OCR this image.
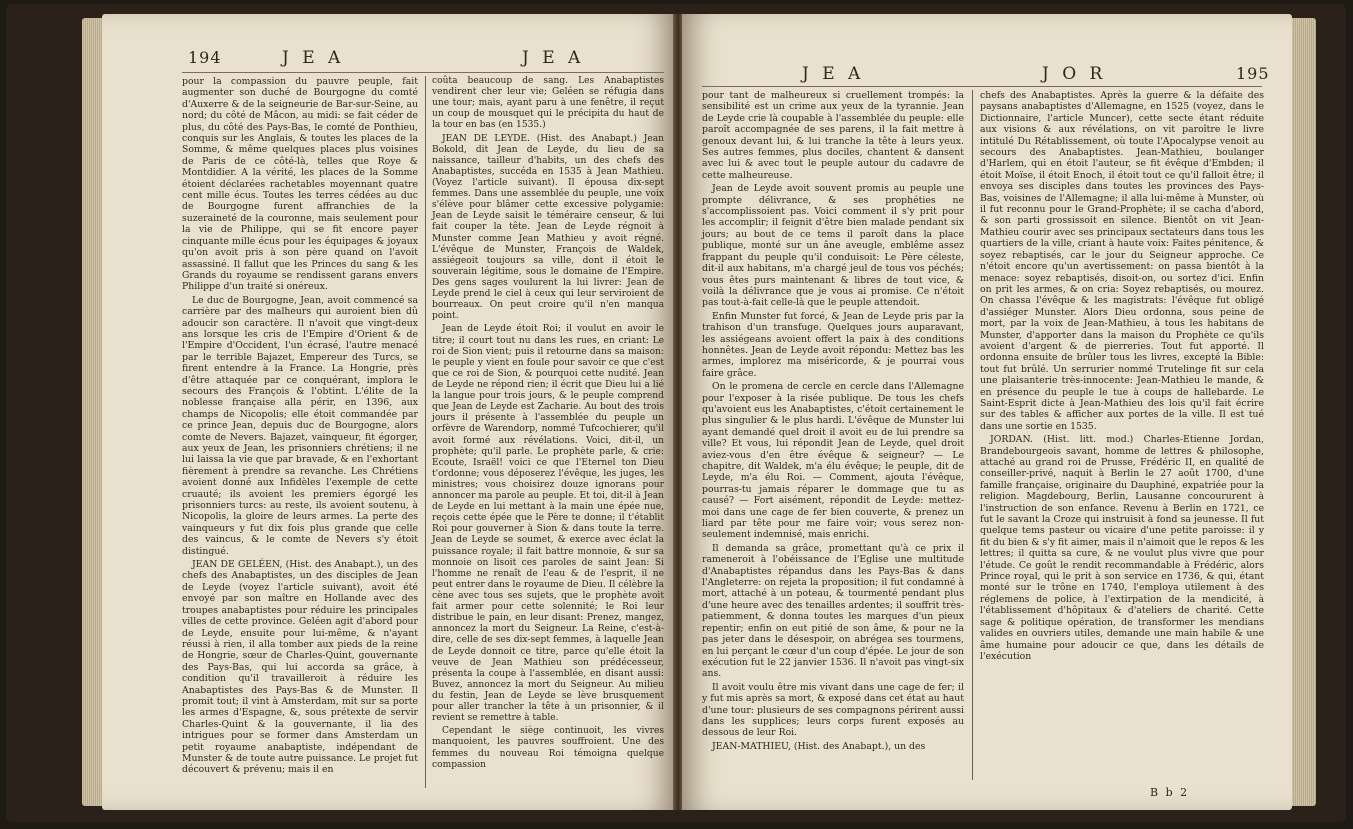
194	J E A	J E A

pour la compassion du pauvre peuple, fait augmenter son duché de Bourgogne du comté d'Auxerre & de la seigneurie de Bar-sur-Seine, au nord; du côté de Mâcon, au midi: se fait céder de plus, du côté des Pays-Bas, le comté de Ponthieu, conquis sur les Anglais, & toutes les places de la Somme, & même quelques places plus voisines de Paris de ce côté-là, telles que Roye & Montdidier. A la vérité, les places de la Somme étoient déclarées rachetables moyennant quatre cent mille écus. Toutes les terres cédées au duc de Bourgogne furent affranchies de la suzeraineté de la couronne, mais seulement pour la vie de Philippe, qui se fit encore payer cinquante mille écus pour les équipages & joyaux qu'on avoit pris à son père quand on l'avoit assassiné. Il fallut que les Princes du sang & les Grands du royaume se rendissent garans envers Philippe d'un traité si onéreux.

Le duc de Bourgogne, Jean, avoit commencé sa carrière par des malheurs qui auroient bien dû adoucir son caractère. Il n'avoit que vingt-deux ans lorsque les cris de l'Empire d'Orient & de l'Empire d'Occident, l'un écrasé, l'autre menacé par le terrible Bajazet, Empereur des Turcs, se firent entendre à la France. La Hongrie, près d'être attaquée par ce conquérant, implora le secours des François & l'obtint. L'élite de la noblesse française alla périr, en 1396, aux champs de Nicopolis; elle étoit commandée par ce prince Jean, depuis duc de Bourgogne, alors comte de Nevers. Bajazet, vainqueur, fit égorger, aux yeux de Jean, les prisonniers chrétiens; il ne lui laissa la vie que par bravade, & en l'exhortant fièrement à prendre sa revanche. Les Chrétiens avoient donné aux Infidèles l'exemple de cette cruauté; ils avoient les premiers égorgé les prisonniers turcs: au reste, ils avoient soutenu, à Nicopolis, la gloire de leurs armes. La perte des vainqueurs y fut dix fois plus grande que celle des vaincus, & le comte de Nevers s'y étoit distingué.

JEAN DE GELÉEN, (Hist. des Anabapt.), un des chefs des Anabaptistes, un des disciples de Jean de Leyde (voyez l'article suivant), avoit été envoyé par son maître en Hollande avec des troupes anabaptistes pour réduire les principales villes de cette province. Geléen agit d'abord pour de Leyde, ensuite pour lui-même, & n'ayant réussi à rien, il alla tomber aux pieds de la reine de Hongrie, sœur de Charles-Quint, gouvernante des Pays-Bas, qui lui accorda sa grâce, à condition qu'il travailleroit à réduire les Anabaptistes des Pays-Bas & de Munster. Il promit tout; il vint à Amsterdam, mit sur sa porte les armes d'Espagne, &, sous prétexte de servir Charles-Quint & la gouvernante, il lia des intrigues pour se former dans Amsterdam un petit royaume anabaptiste, indépendant de Munster & de toute autre puissance. Le projet fut découvert & prévenu; mais il en

coûta beaucoup de sang. Les Anabaptistes vendirent cher leur vie; Geléen se réfugia dans une tour; mais, ayant paru à une fenêtre, il reçut un coup de mousquet qui le précipita du haut de la tour en bas (en 1535.)

JEAN DE LEYDE. (Hist. des Anabapt.) Jean Bokold, dit Jean de Leyde, du lieu de sa naissance, tailleur d'habits, un des chefs des Anabaptistes, succéda en 1535 à Jean Mathieu. (Voyez l'article suivant). Il épousa dix-sept femmes. Dans une assemblée du peuple, une voix s'élève pour blâmer cette excessive polygamie: Jean de Leyde saisit le téméraire censeur, & lui fait couper la tête. Jean de Leyde régnoit à Munster comme Jean Mathieu y avoit régné. L'évêque de Munster, François de Waldek, assiégeoit toujours sa ville, dont il étoit le souverain légitime, sous le domaine de l'Empire. Des gens sages voulurent la lui livrer: Jean de Leyde prend le ciel à ceux qui leur serviroient de bourreaux. On peut croire qu'il n'en manqua point.

Jean de Leyde étoit Roi; il voulut en avoir le titre; il court tout nu dans les rues, en criant: Le roi de Sion vient; puis il retourne dans sa maison: le peuple y vient en foule pour savoir ce que c'est que ce roi de Sion, & pourquoi cette nudité. Jean de Leyde ne répond rien; il écrit que Dieu lui a lié la langue pour trois jours, & le peuple comprend que Jean de Leyde est Zacharie. Au bout des trois jours il présente à l'assemblée du peuple un orfèvre de Warendorp, nommé Tufcochierer, qu'il avoit formé aux révélations. Voici, dit-il, un prophète; qu'il parle. Le prophète parle, & crie: Ecoute, Israël! voici ce que l'Eternel ton Dieu t'ordonne; vous déposerez l'évêque, les juges, les ministres; vous choisirez douze ignorans pour annoncer ma parole au peuple. Et toi, dit-il à Jean de Leyde en lui mettant à la main une épée nue, reçois cette épée que le Père te donne; il t'établit Roi pour gouverner à Sion & dans toute la terre. Jean de Leyde se soumet, & exerce avec éclat la puissance royale; il fait battre monnoie, & sur sa monnoie on lisoit ces paroles de saint Jean: Si l'homme ne renaît de l'eau & de l'esprit, il ne peut entrer dans le royaume de Dieu. Il célèbre la cène avec tous ses sujets, que le prophète avoit fait armer pour cette solennité; le Roi leur distribue le pain, en leur disant: Prenez, mangez, annoncez la mort du Seigneur. La Reine, c'est-à-dire, celle de ses dix-sept femmes, à laquelle Jean de Leyde donnoit ce titre, parce qu'elle étoit la veuve de Jean Mathieu son prédécesseur, présenta la coupe à l'assemblée, en disant aussi: Buvez, annoncez la mort du Seigneur. Au milieu du festin, Jean de Leyde se lève brusquement pour aller trancher la tête à un prisonnier, & il revient se remettre à table.

Cependant le siège continuoit, les vivres manquoient, les pauvres souffroient. Une des femmes du nouveau Roi témoigna quelque compassion

J E A	J O R	195

pour tant de malheureux si cruellement trompés: la sensibilité est un crime aux yeux de la tyrannie. Jean de Leyde crie là coupable à l'assemblée du peuple: elle paroît accompagnée de ses parens, il la fait mettre à genoux devant lui, & lui tranche la tête à leurs yeux. Ses autres femmes, plus dociles, chantent & dansent avec lui & avec tout le peuple autour du cadavre de cette malheureuse.

Jean de Leyde avoit souvent promis au peuple une prompte délivrance, & ses prophéties ne s'accomplissoient pas. Voici comment il s'y prit pour les accomplir; il feignit d'être bien malade pendant six jours; au bout de ce tems il paroît dans la place publique, monté sur un âne aveugle, emblême assez frappant du peuple qu'il conduisoit: Le Père céleste, dit-il aux habitans, m'a chargé jeul de tous vos péchés; vous êtes purs maintenant & libres de tout vice, & voilà la délivrance que je vous ai promise. Ce n'étoit pas tout-à-fait celle-là que le peuple attendoit.

Enfin Munster fut forcé, & Jean de Leyde pris par la trahison d'un transfuge. Quelques jours auparavant, les assiégeans avoient offert la paix à des conditions honnêtes. Jean de Leyde avoit répondu: Mettez bas les armes, implorez ma miséricorde, & je pourrai vous faire grâce.

On le promena de cercle en cercle dans l'Allemagne pour l'exposer à la risée publique. De tous les chefs qu'avoient eus les Anabaptistes, c'étoit certainement le plus singulier & le plus hardi. L'évêque de Munster lui ayant demandé quel droit il avoit eu de lui prendre sa ville? Et vous, lui répondit Jean de Leyde, quel droit aviez-vous d'en être évêque & seigneur? — Le chapitre, dit Waldek, m'a élu évêque; le peuple, dit de Leyde, m'a élu Roi. — Comment, ajouta l'évêque, pourras-tu jamais réparer le dommage que tu as causé? — Fort aisément, répondit de Leyde: mettez-moi dans une cage de fer bien couverte, & prenez un liard par tête pour me faire voir; vous serez non-seulement indemnisé, mais enrichi.

Il demanda sa grâce, promettant qu'à ce prix il rameneroit à l'obéissance de l'Eglise une multitude d'Anabaptistes répandus dans les Pays-Bas & dans l'Angleterre: on rejeta la proposition; il fut condamné à mort, attaché à un poteau, & tourmenté pendant plus d'une heure avec des tenailles ardentes; il souffrit très-patiemment, & donna toutes les marques d'un pieux repentir; enfin on eut pitié de son âme, & pour ne la pas jeter dans le désespoir, on abrégea ses tourmens, en lui perçant le cœur d'un coup d'épée. Le jour de son exécution fut le 22 janvier 1536. Il n'avoit pas vingt-six ans.

Il avoit voulu être mis vivant dans une cage de fer; il y fut mis après sa mort, & exposé dans cet état au haut d'une tour: plusieurs de ses compagnons périrent aussi dans les supplices; leurs corps furent exposés au dessous de leur Roi.

JEAN-MATHIEU, (Hist. des Anabapt.), un des

chefs des Anabaptistes. Après la guerre & la défaite des paysans anabaptistes d'Allemagne, en 1525 (voyez, dans le Dictionnaire, l'article Muncer), cette secte étant réduite aux visions & aux révélations, on vit paroître le livre intitulé Du Rétablissement, où toute l'Apocalypse venoit au secours des Anabaptistes. Jean-Mathieu, boulanger d'Harlem, qui en étoit l'auteur, se fit évêque d'Embden; il étoit Moïse, il étoit Enoch, il étoit tout ce qu'il falloit être; il envoya ses disciples dans toutes les provinces des Pays-Bas, voisines de l'Allemagne; il alla lui-même à Munster, où il fut reconnu pour le Grand-Prophète; il se cacha d'abord, & son parti grossissoit en silence. Bientôt on vit Jean-Mathieu courir avec ses principaux sectateurs dans tous les quartiers de la ville, criant à haute voix: Faites pénitence, & soyez rebaptisés, car le jour du Seigneur approche. Ce n'étoit encore qu'un avertissement: on passa bientôt à la menace: soyez rebaptisés, disoit-on, ou sortez d'ici. Enfin on prit les armes, & on cria: Soyez rebaptisés, ou mourez. On chassa l'évêque & les magistrats: l'évêque fut obligé d'assiéger Munster. Alors Dieu ordonna, sous peine de mort, par la voix de Jean-Mathieu, à tous les habitans de Munster, d'apporter dans la maison du Prophète ce qu'ils avoient d'argent & de pierreries. Tout fut apporté. Il ordonna ensuite de brûler tous les livres, excepté la Bible: tout fut brûlé. Un serrurier nommé Trutelinge fit sur cela une plaisanterie très-innocente: Jean-Mathieu le mande, & en présence du peuple le tue à coups de hallebarde. Le Saint-Esprit dicte à Jean-Mathieu des lois qu'il fait écrire sur des tables & afficher aux portes de la ville. Il est tué dans une sortie en 1535.

JORDAN. (Hist. litt. mod.) Charles-Etienne Jordan, Brandebourgeois savant, homme de lettres & philosophe, attaché au grand roi de Prusse, Frédéric II, en qualité de conseiller-privé, naquit à Berlin le 27 août 1700, d'une famille française, originaire du Dauphiné, expatriée pour la religion. Magdebourg, Berlin, Lausanne concoururent à l'instruction de son enfance. Revenu à Berlin en 1721, ce fut le savant la Croze qui instruisit à fond sa jeunesse. Il fut quelque tems pasteur ou vicaire d'une petite paroisse: il y fit du bien & s'y fit aimer, mais il n'aimoit que le repos & les lettres; il quitta sa cure, & ne voulut plus vivre que pour l'étude. Ce goût le rendit recommandable à Frédéric, alors Prince royal, qui le prit à son service en 1736, & qui, étant monté sur le trône en 1740, l'employa utilement à des réglemens de police, à l'extirpation de la mendicité, à l'établissement d'hôpitaux & d'ateliers de charité. Cette sage & politique opération, de transformer les mendians valides en ouvriers utiles, demande une main habile & une âme humaine pour adoucir ce que, dans les détails de l'exécution

B b 2
